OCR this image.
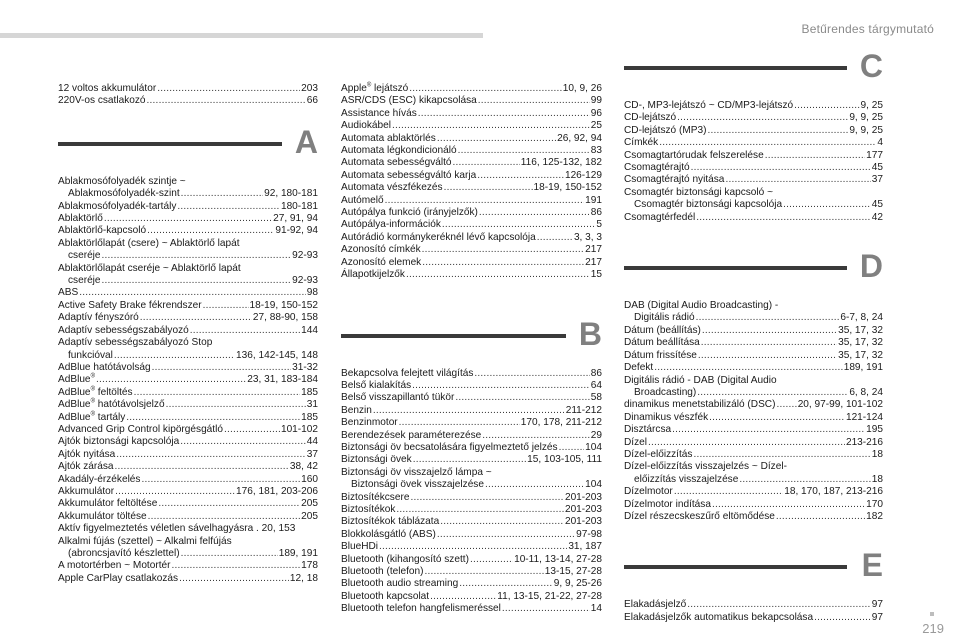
Betűrendes tárgymutató
12 voltos akkumulátor .....	203
220V-os csatlakozó .....	66
A
Ablakmosófolyadék szintje ~
Ablakmosófolyadék-szint .....	92, 180-181
Ablakmosófolyadék-tartály .....	180-181
Ablaktörlő .....	27, 91, 94
Ablaktörlő-kapcsoló .....	91-92, 94
Ablaktörlőlapát (csere) ~ Ablaktörlő lapát
cseréje .....	92-93
Ablaktörlőlapát cseréje ~ Ablaktörlő lapát
cseréje .....	92-93
ABS .....	98
Active Safety Brake fékrendszer .....	18-19, 150-152
Adaptív fényszóró .....	27, 88-90, 158
Adaptív sebességszabályozó .....	144
Adaptív sebességszabályozó Stop
funkcióval .....	136, 142-145, 148
AdBlue hatótávolság .....	31-32
AdBlue® .....	23, 31, 183-184
AdBlue® feltöltés .....	185
AdBlue® hatótávolsjelző .....	31
AdBlue® tartály .....	185
Advanced Grip Control kipörgésgátló .....	101-102
Ajtók biztonsági kapcsolója .....	44
Ajtók nyitása .....	37
Ajtók zárása .....	38, 42
Akadály-érzékelés .....	160
Akkumulátor .....	176, 181, 203-206
Akkumulátor feltöltése .....	205
Akkumulátor töltése .....	205
Aktív figyelmeztetés véletlen sávelhagyásra . 20, 153
Alkalmi fújás (szettel) ~ Alkalmi felfújás
(abroncsjavító készlettel) .....	189, 191
A motortérben ~ Motortér .....	178
Apple CarPlay csatlakozás .....	12, 18
Apple® lejátszó .....	10, 9, 26
ASR/CDS (ESC) kikapcsolása .....	99
Assistance hívás .....	96
Audiokábel .....	25
Automata ablaktörlés .....	26, 92, 94
Automata légkondicionáló .....	83
Automata sebességváltó .....	116, 125-132, 182
Automata sebességváltó karja .....	126-129
Automata vészfékezés .....	18-19, 150-152
Autómelő .....	191
Autópálya funkció (irányjelzők) .....	86
Autópálya-információk .....	5
Autórádió kormánykeréknél lévő kapcsolója .....	3, 3, 3
Azonosító címkék .....	217
Azonosító elemek .....	217
Állapotkijelzők .....	15
B
Bekapcsolva felejtett világítás .....	86
Belső kialakítás .....	64
Belső visszapillantó tükör .....	58
Benzin .....	211-212
Benzinmotor .....	170, 178, 211-212
Berendezések paraméterezése .....	29
Biztonsági öv becsatolására figyelmeztető jelzés .....	104
Biztonsági övek .....	15, 103-105, 111
Biztonsági öv visszajelző lámpa ~
Biztonsági övek visszajelzése .....	104
Biztosítékcsere .....	201-203
Biztosítékok .....	201-203
Biztosítékok táblázata .....	201-203
Blokkolásgátló (ABS) .....	97-98
BlueHDi .....	31, 187
Bluetooth (kihangosító szett) .....	10-11, 13-14, 27-28
Bluetooth (telefon) .....	13-15, 27-28
Bluetooth audio streaming .....	9, 9, 25-26
Bluetooth kapcsolat .....	11, 13-15, 21-22, 27-28
Bluetooth telefon hangfelismeréssel .....	14
C
CD-, MP3-lejátszó ~ CD/MP3-lejátszó .....	9, 25
CD-lejátszó .....	9, 9, 25
CD-lejátszó (MP3) .....	9, 9, 25
Címkék .....	4
Csomagtartórudak felszerelése .....	177
Csomagtérajtó .....	45
Csomagtérajtó nyitása .....	37
Csomagtér biztonsági kapcsoló ~
Csomagtér biztonsági kapcsolója .....	45
Csomagtérfedél .....	42
D
DAB (Digital Audio Broadcasting) -
Digitális rádió .....	6-7, 8, 24
Dátum (beállítás) .....	35, 17, 32
Dátum beállítása .....	35, 17, 32
Dátum frissítése .....	35, 17, 32
Defekt .....	189, 191
Digitális rádió - DAB (Digital Audio
Broadcasting) .....	6, 8, 24
dinamikus menetstabilizáló (DSC) ..... 20, 97-99, 101-102
Dinamikus vészfék .....	121-124
Disztárcsa .....	195
Dízel .....	213-216
Dízel-előizzítás .....	18
Dízel-előizzítás visszajelzés ~ Dízel-
előizzítás visszajelzése .....	18
Dízelmotor .....	18, 170, 187, 213-216
Dízelmotor indítása .....	170
Dízel részecskeszűrő eltömődése .....	182
E
Elakadásjelző .....	97
Elakadásjelzők automatikus bekapcsolása .....	97
219
